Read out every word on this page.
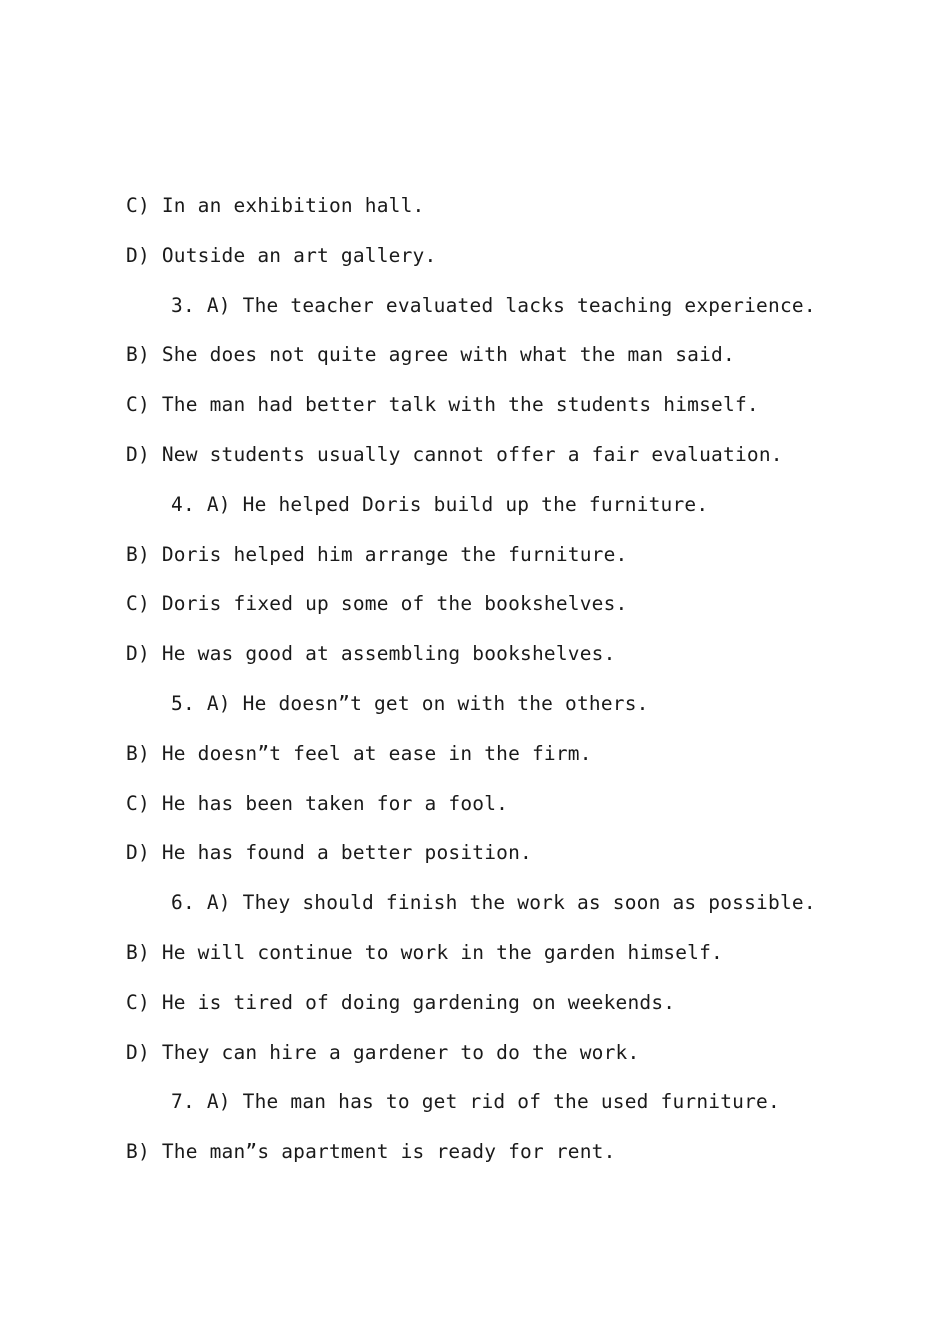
C) In an exhibition hall.
D) Outside an art gallery.
3. A) The teacher evaluated lacks teaching experience.
B) She does not quite agree with what the man said.
C) The man had better talk with the students himself.
D) New students usually cannot offer a fair evaluation.
4. A) He helped Doris build up the furniture.
B) Doris helped him arrange the furniture.
C) Doris fixed up some of the bookshelves.
D) He was good at assembling bookshelves.
5. A) He doesn”t get on with the others.
B) He doesn”t feel at ease in the firm.
C) He has been taken for a fool.
D) He has found a better position.
6. A) They should finish the work as soon as possible.
B) He will continue to work in the garden himself.
C) He is tired of doing gardening on weekends.
D) They can hire a gardener to do the work.
7. A) The man has to get rid of the used furniture.
B) The man”s apartment is ready for rent.
